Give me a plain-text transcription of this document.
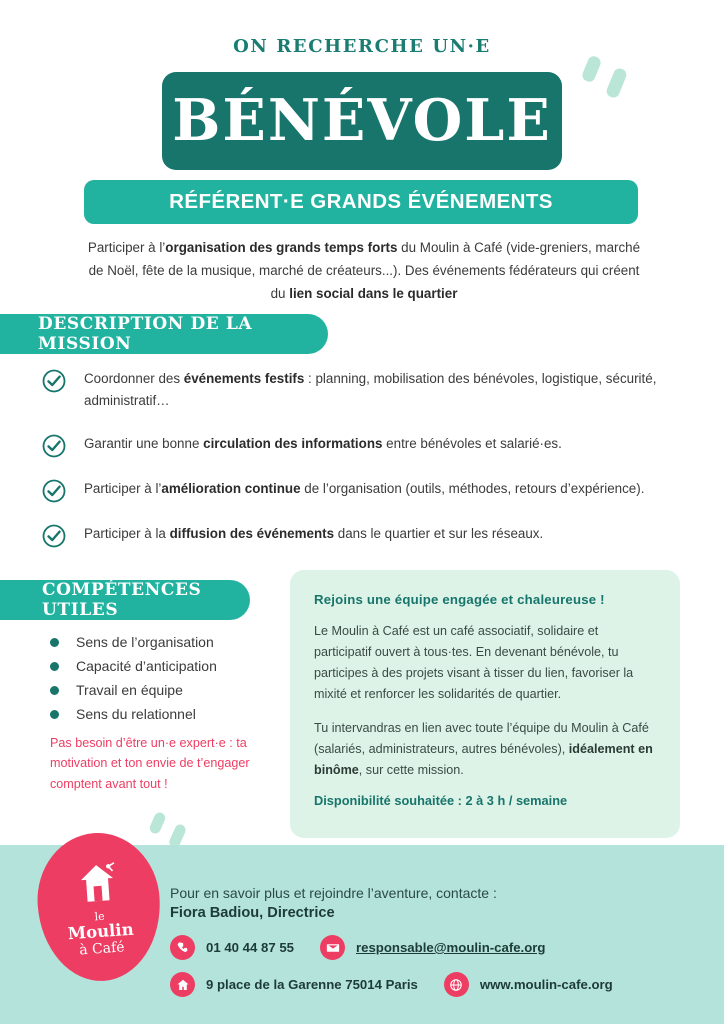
ON RECHERCHE UN·E
BÉNÉVOLE
RÉFÉRENT·E GRANDS ÉVÉNEMENTS
Participer à l’organisation des grands temps forts du Moulin à Café (vide-greniers, marché de Noël, fête de la musique, marché de créateurs...). Des événements fédérateurs qui créent du lien social dans le quartier
DESCRIPTION DE LA MISSION
Coordonner des événements festifs : planning, mobilisation des bénévoles, logistique, sécurité, administratif…
Garantir une bonne circulation des informations entre bénévoles et salarié·es.
Participer à l’amélioration continue de l’organisation (outils, méthodes, retours d’expérience).
Participer à la diffusion des événements dans le quartier et sur les réseaux.
COMPÉTENCES UTILES
Sens de l’organisation
Capacité d’anticipation
Travail en équipe
Sens du relationnel
Pas besoin d’être un·e expert·e : ta motivation et ton envie de t’engager comptent avant tout !
Rejoins une équipe engagée et chaleureuse !

Le Moulin à Café est un café associatif, solidaire et participatif ouvert à tous·tes. En devenant bénévole, tu participes à des projets visant à tisser du lien, favoriser la mixité et renforcer les solidarités de quartier.

Tu intervandras en lien avec toute l’équipe du Moulin à Café (salariés, administrateurs, autres bénévoles), idéalement en binôme, sur cette mission.

Disponibilité souhaitée : 2 à 3 h / semaine
Pour en savoir plus et rejoindre l’aventure, contacte :
Fiora Badiou, Directrice
01 40 44 87 55	responsable@moulin-cafe.org
9 place de la Garenne 75014 Paris	www.moulin-cafe.org
le
Moulin
à Café
